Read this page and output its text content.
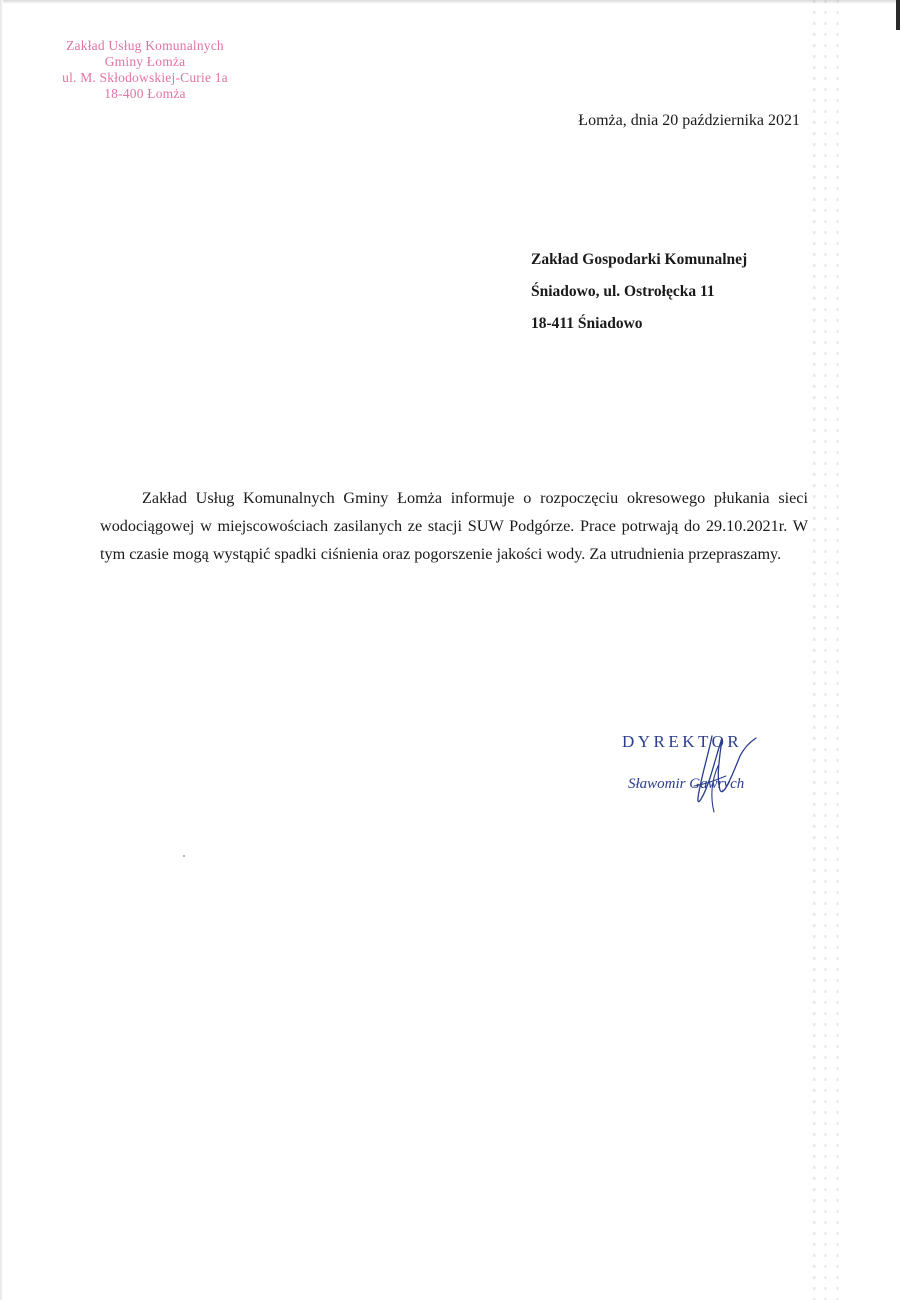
Zakład Usług Komunalnych
Gminy Łomża
ul. M. Skłodowskiej-Curie 1a
18-400 Łomża
Łomża, dnia 20 października 2021
Zakład Gospodarki Komunalnej
Śniadowo, ul. Ostrołęcka 11
18-411 Śniadowo
Zakład Usług Komunalnych Gminy Łomża informuje o rozpoczęciu okresowego płukania sieci wodociągowej w miejscowościach zasilanych ze stacji SUW Podgórze. Prace potrwają do 29.10.2021r. W tym czasie mogą wystąpić spadki ciśnienia oraz pogorszenie jakości wody. Za utrudnienia przepraszamy.
DYREKTOR
Sławomir Gawrych
